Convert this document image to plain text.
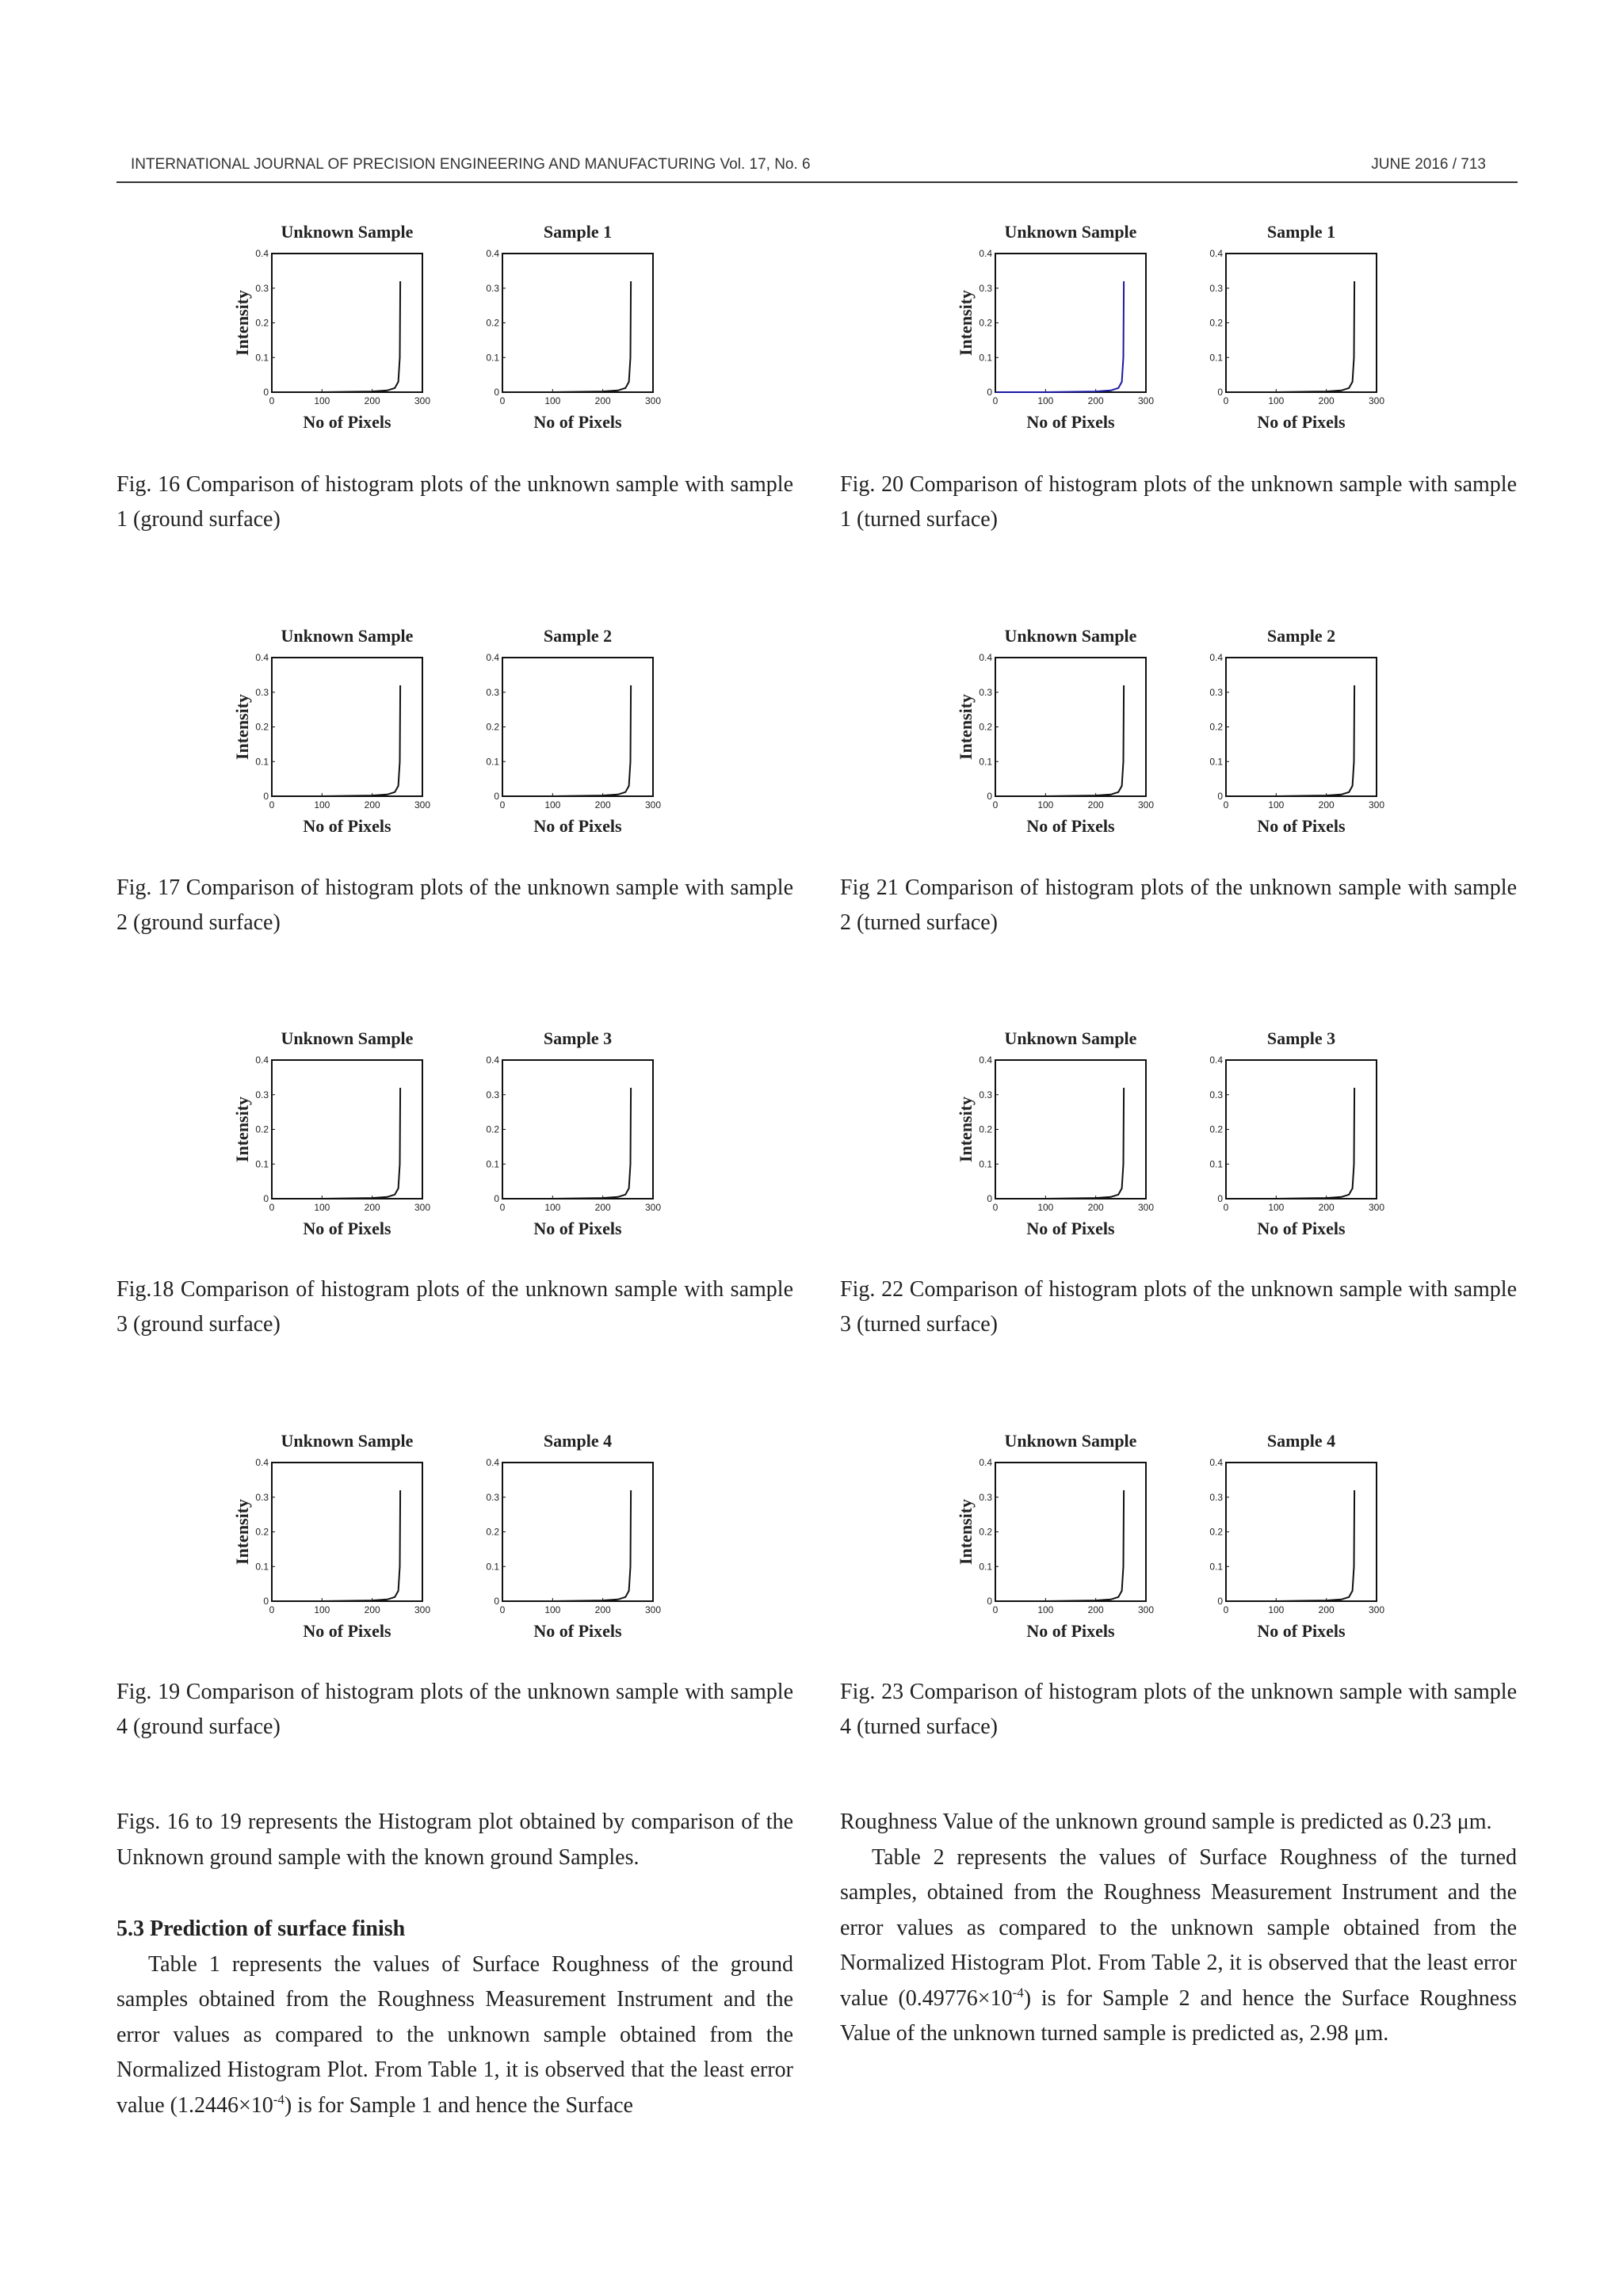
INTERNATIONAL JOURNAL OF PRECISION ENGINEERING AND MANUFACTURING Vol. 17, No. 6	JUNE 2016 / 713
Unknown Sample
0
0.1
0.2
0.3
0.4
0	100	200	300
No of Pixels
Intensity
Sample 1
0
0.1
0.2
0.3
0.4
0	100	200	300
No of Pixels
Unknown Sample
0
0.1
0.2
0.3
0.4
0	100	200	300
No of Pixels
Intensity
Sample 2
0
0.1
0.2
0.3
0.4
0	100	200	300
No of Pixels
Unknown Sample
0
0.1
0.2
0.3
0.4
0	100	200	300
No of Pixels
Intensity
Sample 3
0
0.1
0.2
0.3
0.4
0	100	200	300
No of Pixels
Unknown Sample
0
0.1
0.2
0.3
0.4
0	100	200	300
No of Pixels
Intensity
Sample 4
0
0.1
0.2
0.3
0.4
0	100	200	300
No of Pixels
Unknown Sample
0
0.1
0.2
0.3
0.4
0	100	200	300
No of Pixels
Intensity
Sample 1
0
0.1
0.2
0.3
0.4
0	100	200	300
No of Pixels
Unknown Sample
0
0.1
0.2
0.3
0.4
0	100	200	300
No of Pixels
Intensity
Sample 2
0
0.1
0.2
0.3
0.4
0	100	200	300
No of Pixels
Unknown Sample
0
0.1
0.2
0.3
0.4
0	100	200	300
No of Pixels
Intensity
Sample 3
0
0.1
0.2
0.3
0.4
0	100	200	300
No of Pixels
Unknown Sample
0
0.1
0.2
0.3
0.4
0	100	200	300
No of Pixels
Intensity
Sample 4
0
0.1
0.2
0.3
0.4
0	100	200	300
No of Pixels
Fig. 16 Comparison of histogram plots of the unknown sample with sample 1 (ground surface)
Fig. 17 Comparison of histogram plots of the unknown sample with sample 2 (ground surface)
Fig.18 Comparison of histogram plots of the unknown sample with sample 3 (ground surface)
Fig. 19 Comparison of histogram plots of the unknown sample with sample 4 (ground surface)
Fig. 20 Comparison of histogram plots of the unknown sample with sample 1 (turned surface)
Fig 21 Comparison of histogram plots of the unknown sample with sample 2 (turned surface)
Fig. 22 Comparison of histogram plots of the unknown sample with sample 3 (turned surface)
Fig. 23 Comparison of histogram plots of the unknown sample with sample 4 (turned surface)

Figs. 16 to 19 represents the Histogram plot obtained by comparison of the Unknown ground sample with the known ground Samples.

5.3 Prediction of surface finish

Table 1 represents the values of Surface Roughness of the ground samples obtained from the Roughness Measurement Instrument and the error values as compared to the unknown sample obtained from the Normalized Histogram Plot. From Table 1, it is observed that the least error value $(1.2446\times 10^{-4})$ is for Sample 1 and hence the Surface

Roughness Value of the unknown ground sample is predicted as 0.23 μm.

Table 2 represents the values of Surface Roughness of the turned samples, obtained from the Roughness Measurement Instrument and the error values as compared to the unknown sample obtained from the Normalized Histogram Plot. From Table 2, it is observed that the least error value $(0.49776\times 10^{-4})$ is for Sample 2 and hence the Surface Roughness Value of the unknown turned sample is predicted as, 2.98 μm.
